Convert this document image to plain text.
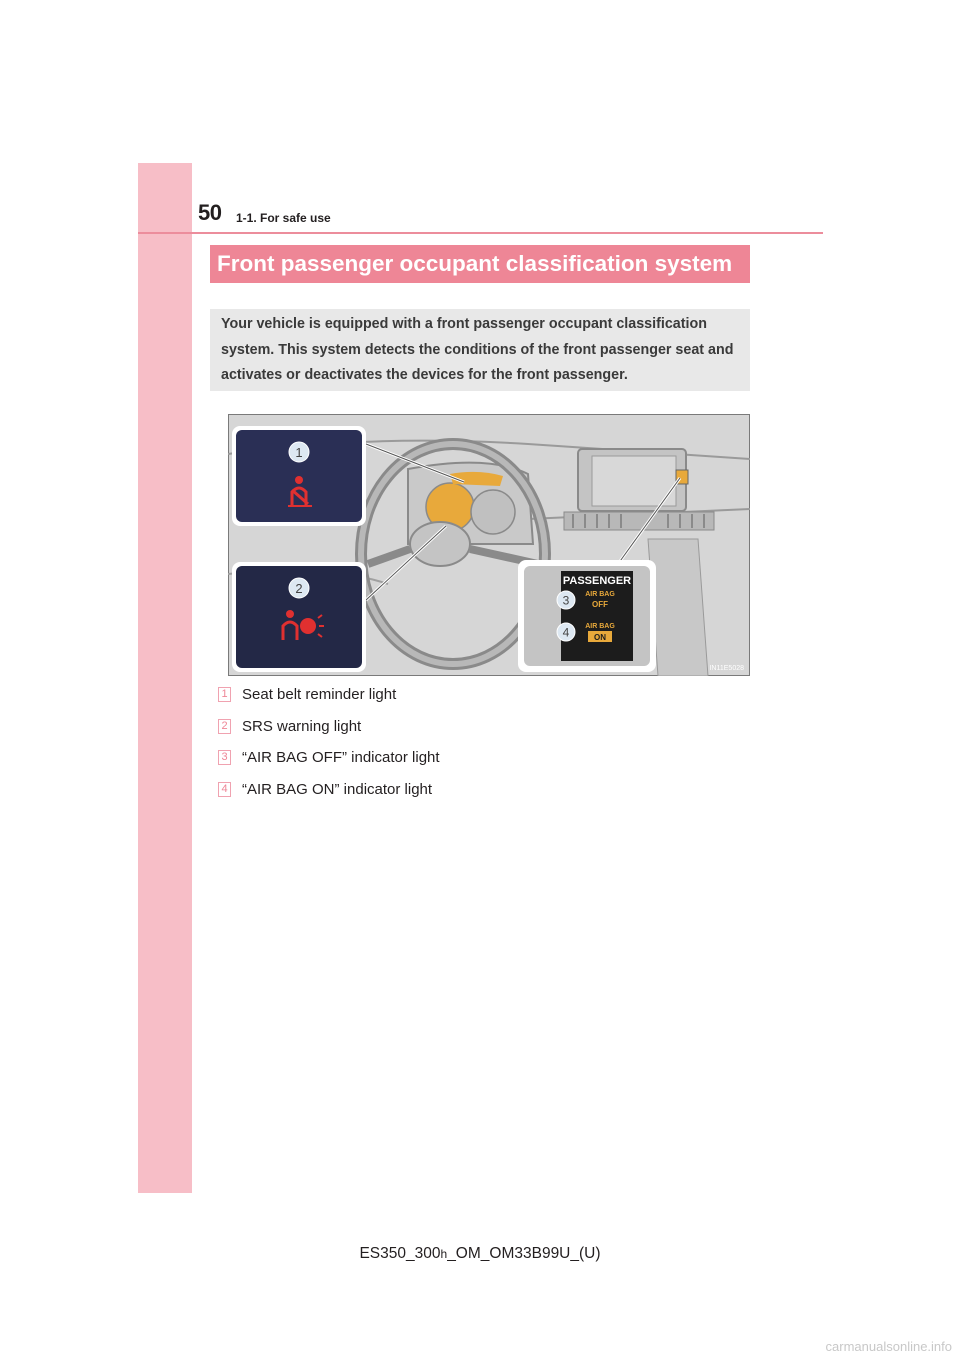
50 1-1. For safe use
Front passenger occupant classification system
Your vehicle is equipped with a front passenger occupant classification system. This system detects the conditions of the front passenger seat and activates or deactivates the devices for the front passenger.
1
2	PASSENGER
AIR BAG
OFF
AIR BAG
ON
3
4
IN11E5028
1 Seat belt reminder light
2 SRS warning light
3 “AIR BAG OFF” indicator light
4 “AIR BAG ON” indicator light
ES350_300h_OM_OM33B99U_(U)
carmanualsonline.info
